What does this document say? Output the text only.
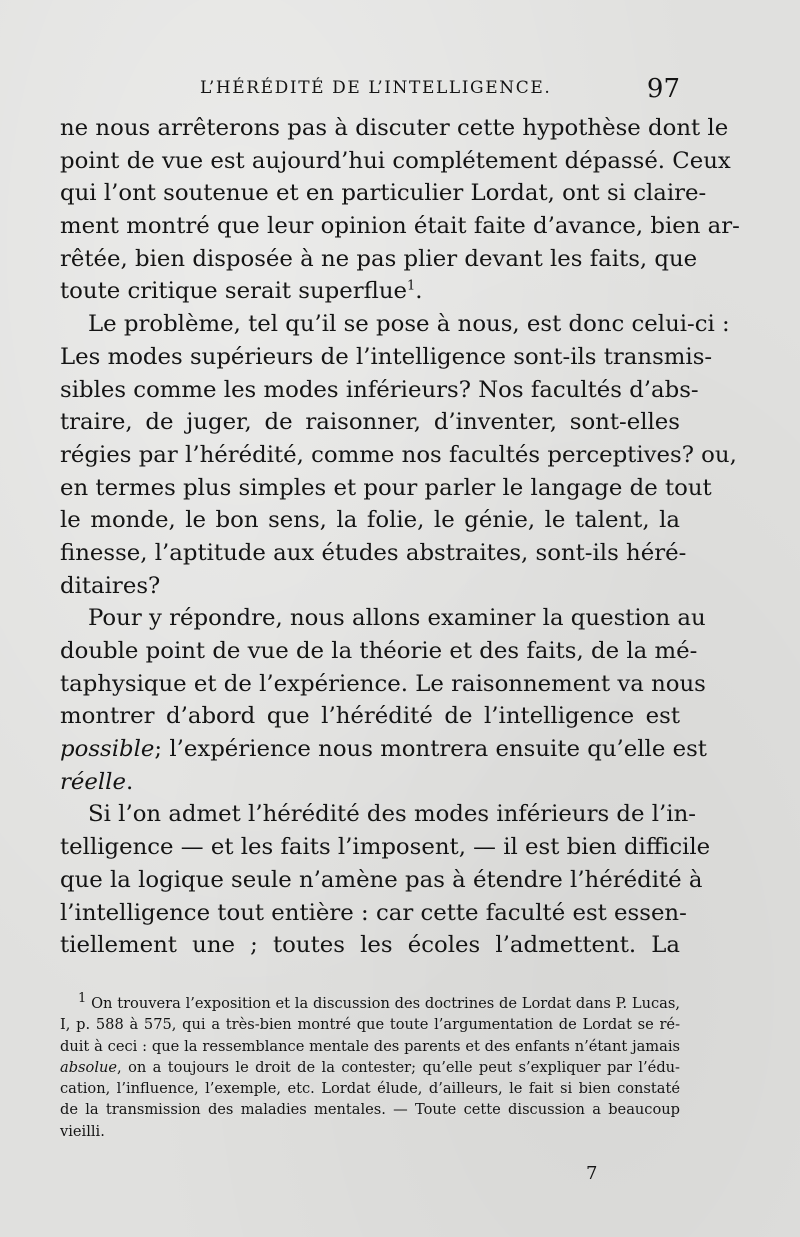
L’HÉRÉDITÉ DE L’INTELLIGENCE.	97
ne nous arrêterons pas à discuter cette hypothèse dont le
point de vue est aujourd’hui complétement dépassé. Ceux
qui l’ont soutenue et en particulier Lordat, ont si claire-
ment montré que leur opinion était faite d’avance, bien ar-
rêtée, bien disposée à ne pas plier devant les faits, que
toute critique serait superflue$^1$.
Le problème, tel qu’il se pose à nous, est donc celui-ci :
Les modes supérieurs de l’intelligence sont-ils transmis-
sibles comme les modes inférieurs? Nos facultés d’abs-
traire, de juger, de raisonner, d’inventer, sont-elles
régies par l’hérédité, comme nos facultés perceptives? ou,
en termes plus simples et pour parler le langage de tout
le monde, le bon sens, la folie, le génie, le talent, la
finesse, l’aptitude aux études abstraites, sont-ils héré-
ditaires?
Pour y répondre, nous allons examiner la question au
double point de vue de la théorie et des faits, de la mé-
taphysique et de l’expérience. Le raisonnement va nous
montrer d’abord que l’hérédité de l’intelligence est
possible; l’expérience nous montrera ensuite qu’elle est
réelle.
Si l’on admet l’hérédité des modes inférieurs de l’in-
telligence — et les faits l’imposent, — il est bien difficile
que la logique seule n’amène pas à étendre l’hérédité à
l’intelligence tout entière : car cette faculté est essen-
tiellement une ; toutes les écoles l’admettent. La
$^1$ On trouvera l’exposition et la discussion des doctrines de Lordat dans P. Lucas,
I, p. 588 à 575, qui a très-bien montré que toute l’argumentation de Lordat se ré-
duit à ceci : que la ressemblance mentale des parents et des enfants n’étant jamais
absolue, on a toujours le droit de la contester; qu’elle peut s’expliquer par l’édu-
cation, l’influence, l’exemple, etc. Lordat élude, d’ailleurs, le fait si bien constaté
de la transmission des maladies mentales. — Toute cette discussion a beaucoup
vieilli.
7
